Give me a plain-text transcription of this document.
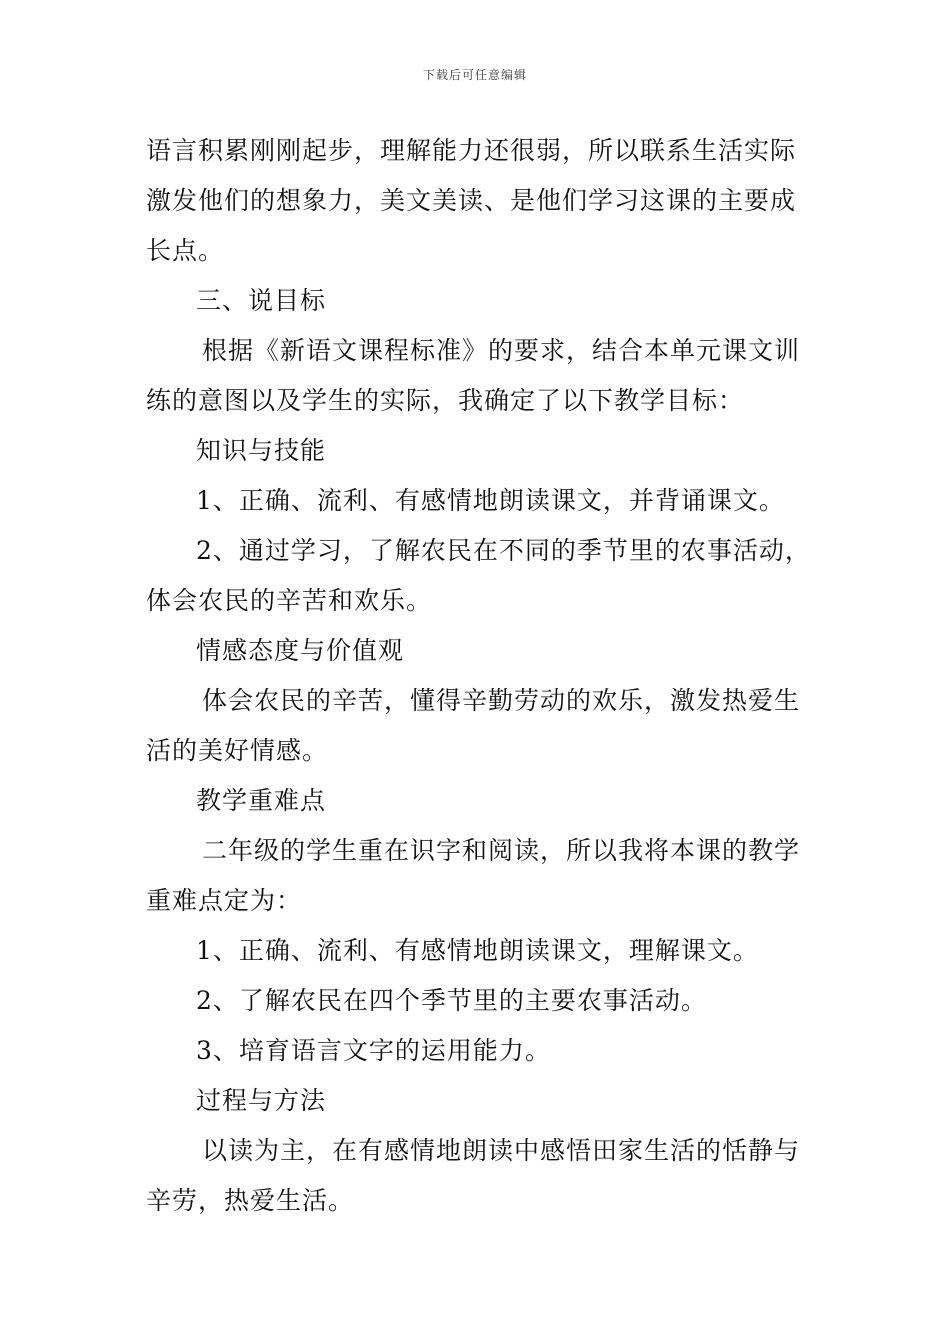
下载后可任意编辑
语言积累刚刚起步，理解能力还很弱，所以联系生活实际
激发他们的想象力，美文美读、是他们学习这课的主要成
长点。
三、说目标
根据《新语文课程标准》的要求，结合本单元课文训
练的意图以及学生的实际，我确定了以下教学目标：
知识与技能
1、正确、流利、有感情地朗读课文，并背诵课文。
2、通过学习，了解农民在不同的季节里的农事活动，
体会农民的辛苦和欢乐。
情感态度与价值观
体会农民的辛苦，懂得辛勤劳动的欢乐，激发热爱生
活的美好情感。
教学重难点
二年级的学生重在识字和阅读，所以我将本课的教学
重难点定为：
1、正确、流利、有感情地朗读课文，理解课文。
2、了解农民在四个季节里的主要农事活动。
3、培育语言文字的运用能力。
过程与方法
以读为主，在有感情地朗读中感悟田家生活的恬静与
辛劳，热爱生活。
